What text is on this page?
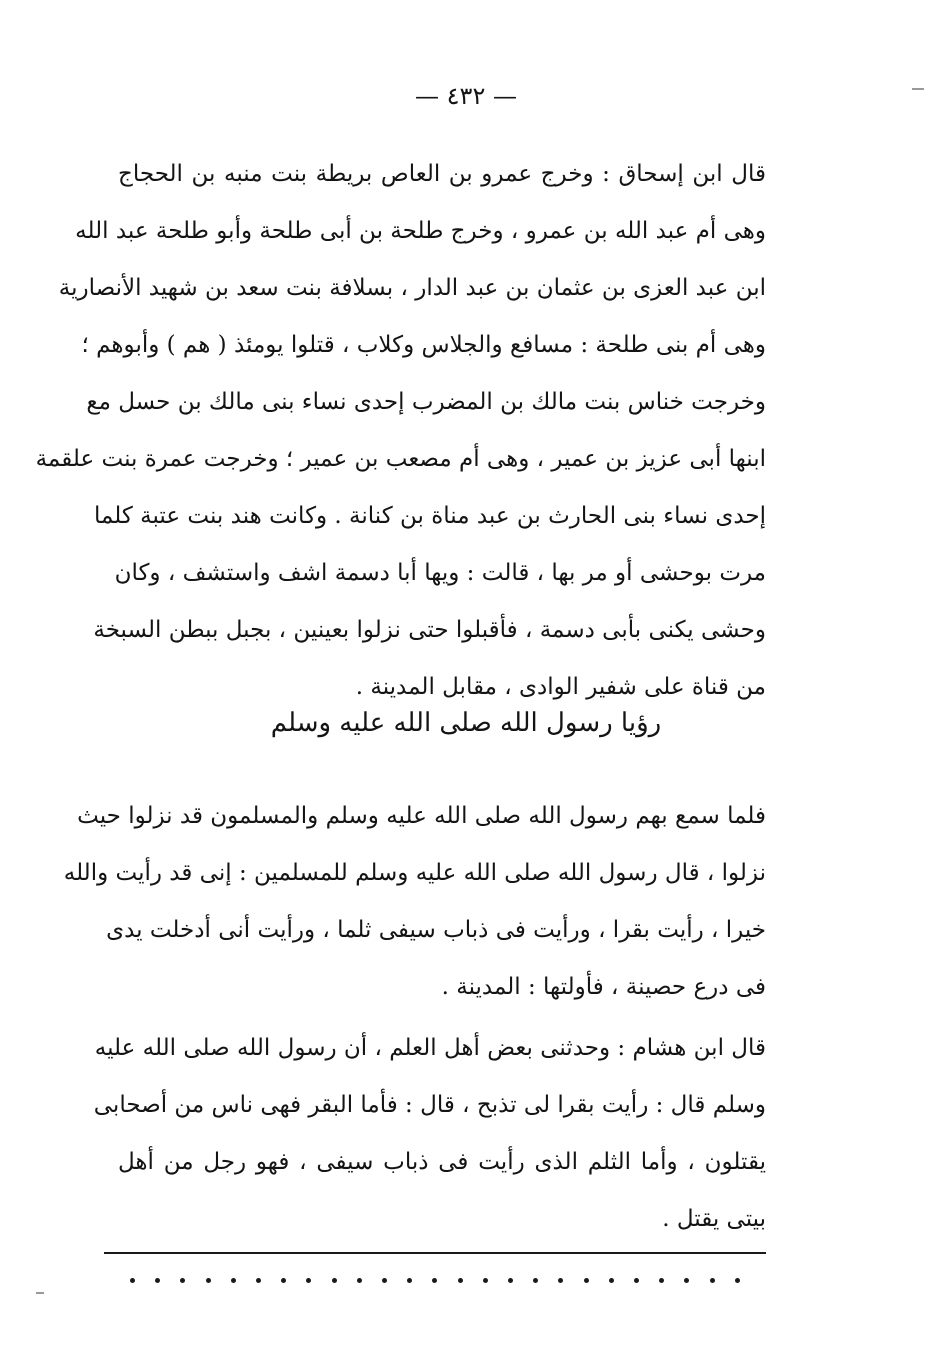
— ٤٣٢ —
قال ابن إسحاق : وخرج عمرو بن العاص بريطة بنت منبه بن الحجاج
وهى أم عبد الله بن عمرو ، وخرج طلحة بن أبى طلحة وأبو طلحة عبد الله
ابن عبد العزى بن عثمان بن عبد الدار ، بسلافة بنت سعد بن شهيد الأنصارية
وهى أم بنى طلحة : مسافع والجلاس وكلاب ، قتلوا يومئذ ( هم ) وأبوهم ؛
وخرجت خناس بنت مالك بن المضرب إحدى نساء بنى مالك بن حسل مع
ابنها أبى عزيز بن عمير ، وهى أم مصعب بن عمير ؛ وخرجت عمرة بنت علقمة
إحدى نساء بنى الحارث بن عبد مناة بن كنانة . وكانت هند بنت عتبة كلما
مرت بوحشى أو مر بها ، قالت : ويها أبا دسمة اشف واستشف ، وكان
وحشى يكنى بأبى دسمة ، فأقبلوا حتى نزلوا بعينين ، بجبل ببطن السبخة
من قناة على شفير الوادى ، مقابل المدينة .
رؤيا رسول الله صلى الله عليه وسلم
فلما سمع بهم رسول الله صلى الله عليه وسلم والمسلمون قد نزلوا حيث
نزلوا ، قال رسول الله صلى الله عليه وسلم للمسلمين : إنى قد رأيت والله
خيرا ، رأيت بقرا ، ورأيت فى ذباب سيفى ثلما ، ورأيت أنى أدخلت يدى
فى درع حصينة ، فأولتها : المدينة .
قال ابن هشام : وحدثنى بعض أهل العلم ، أن رسول الله صلى الله عليه
وسلم قال : رأيت بقرا لى تذبح ، قال : فأما البقر فهى ناس من أصحابى
يقتلون ، وأما الثلم الذى رأيت فى ذباب سيفى ، فهو رجل من أهل
بيتى يقتل .
